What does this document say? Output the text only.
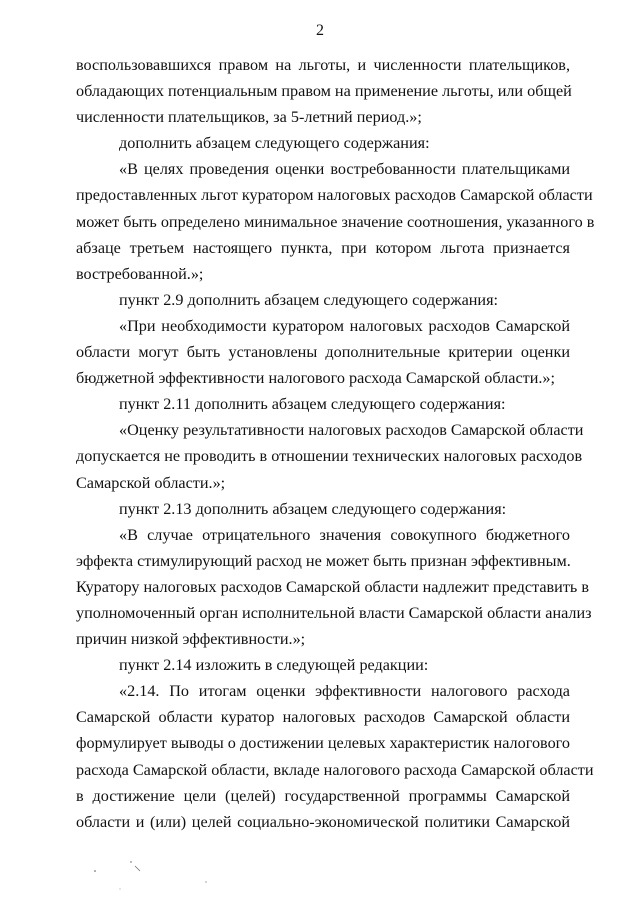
2
воспользовавшихся правом на льготы, и численности плательщиков,
обладающих потенциальным правом на применение льготы, или общей
численности плательщиков, за 5-летний период.»;
дополнить абзацем следующего содержания:
«В целях проведения оценки востребованности плательщиками
предоставленных льгот куратором налоговых расходов Самарской области
может быть определено минимальное значение соотношения, указанного в
абзаце третьем настоящего пункта, при котором льгота признается
востребованной.»;
пункт 2.9 дополнить абзацем следующего содержания:
«При необходимости куратором налоговых расходов Самарской
области могут быть установлены дополнительные критерии оценки
бюджетной эффективности налогового расхода Самарской области.»;
пункт 2.11 дополнить абзацем следующего содержания:
«Оценку результативности налоговых расходов Самарской области
допускается не проводить в отношении технических налоговых расходов
Самарской области.»;
пункт 2.13 дополнить абзацем следующего содержания:
«В случае отрицательного значения совокупного бюджетного
эффекта стимулирующий расход не может быть признан эффективным.
Куратору налоговых расходов Самарской области надлежит представить в
уполномоченный орган исполнительной власти Самарской области анализ
причин низкой эффективности.»;
пункт 2.14 изложить в следующей редакции:
«2.14. По итогам оценки эффективности налогового расхода
Самарской области куратор налоговых расходов Самарской области
формулирует выводы о достижении целевых характеристик налогового
расхода Самарской области, вкладе налогового расхода Самарской области
в достижение цели (целей) государственной программы Самарской
области и (или) целей социально-экономической политики Самарской
